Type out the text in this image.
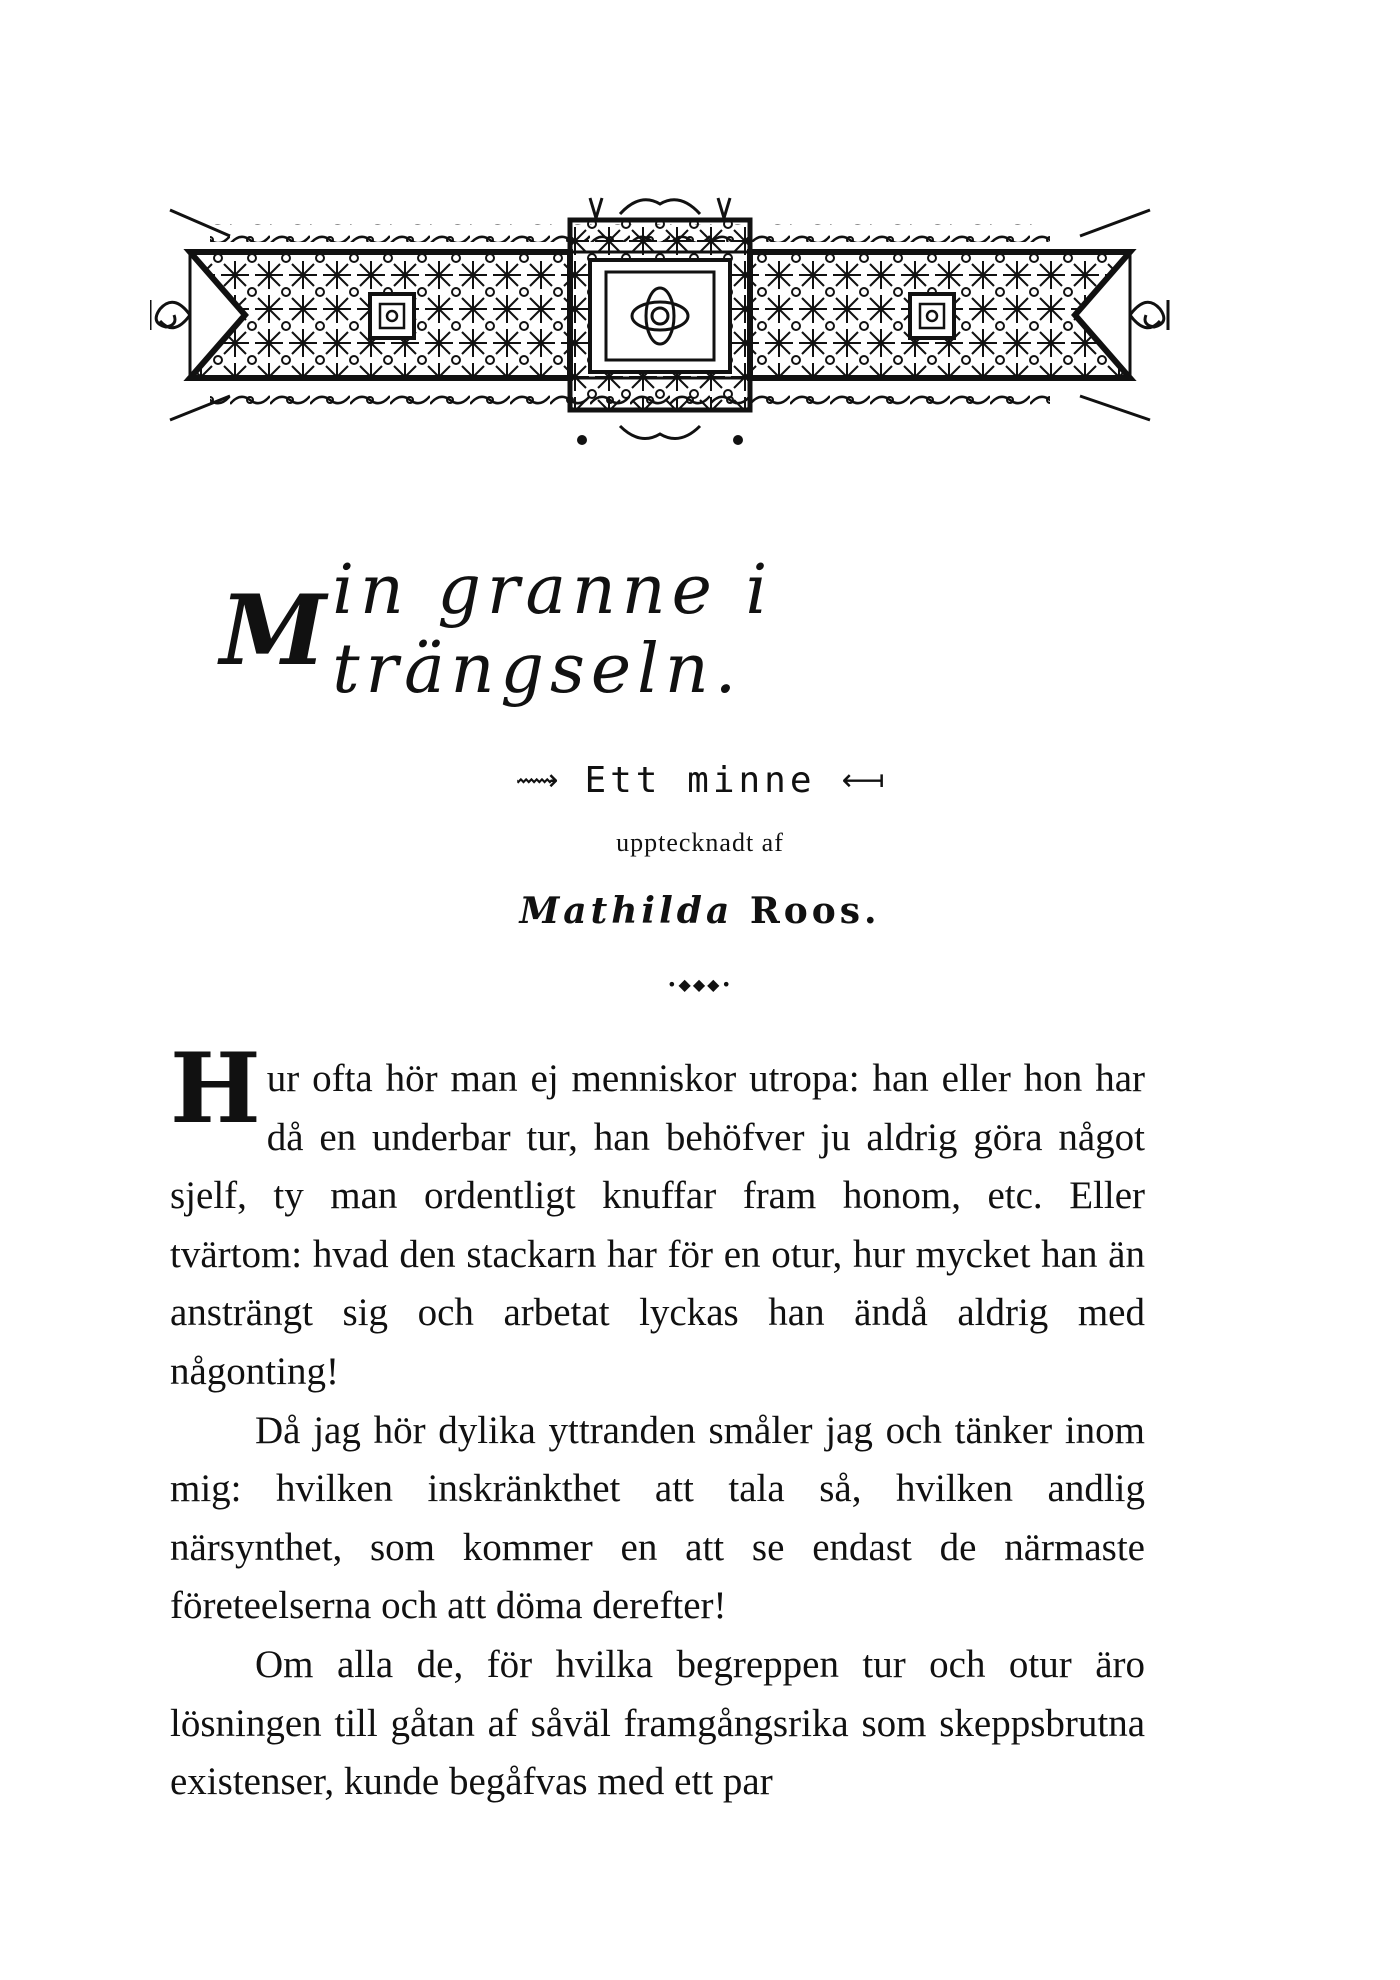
M in granne i trängseln.
⟿ Ett minne ⟻
upptecknadt af
Mathilda Roos.
•◆◆◆•

Hur ofta hör man ej menniskor utropa: han eller hon har då en underbar tur, han behöfver ju aldrig göra något sjelf, ty man ordentligt knuffar fram honom, etc. Eller tvärtom: hvad den stackarn har för en otur, hur mycket han än ansträngt sig och arbetat lyckas han ändå aldrig med någonting!

Då jag hör dylika yttranden småler jag och tänker inom mig: hvilken inskränkthet att tala så, hvilken andlig närsynthet, som kommer en att se endast de närmaste företeelserna och att döma derefter!

Om alla de, för hvilka begreppen tur och otur äro lösningen till gåtan af såväl framgångsrika som skeppsbrutna existenser, kunde begåfvas med ett par
